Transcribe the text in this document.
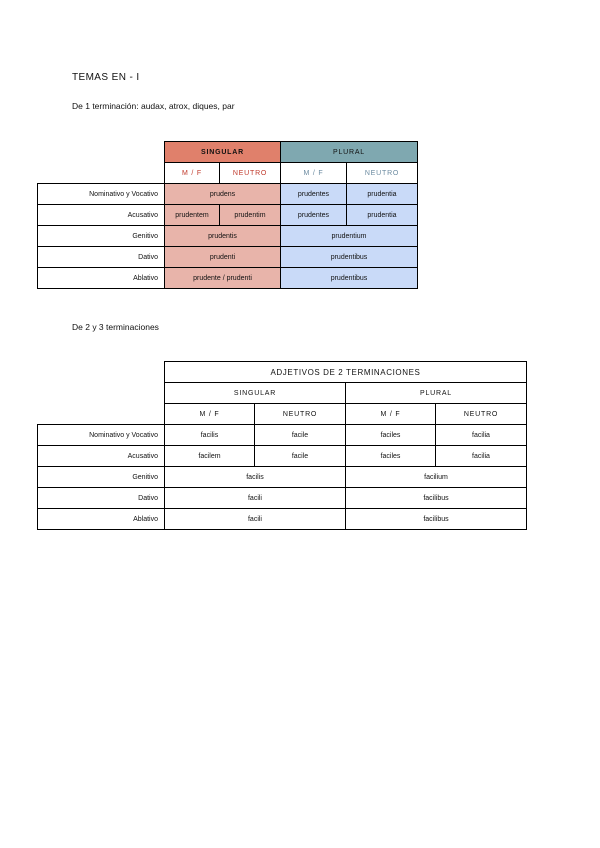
TEMAS EN - I
De 1 terminación: audax, atrox, diques, par
	SINGULAR		PLURAL	
	M / F	NEUTRO	M / F	NEUTRO
Nominativo y Vocativo	prudens		prudentes	prudentia
Acusativo	prudentem	prudentim	prudentes	prudentia
Genitivo	prudentis		prudentium	
Dativo	prudenti		prudentibus	
Ablativo	prudente / prudenti		prudentibus	
De 2 y 3 terminaciones
	ADJETIVOS DE 2 TERMINACIONES			
	SINGULAR		PLURAL	
	M / F	NEUTRO	M / F	NEUTRO
Nominativo y Vocativo	facilis	facile	faciles	facilia
Acusativo	facilem	facile	faciles	facilia
Genitivo	facilis		facilium	
Dativo	facili		facilibus	
Ablativo	facili		facilibus	
